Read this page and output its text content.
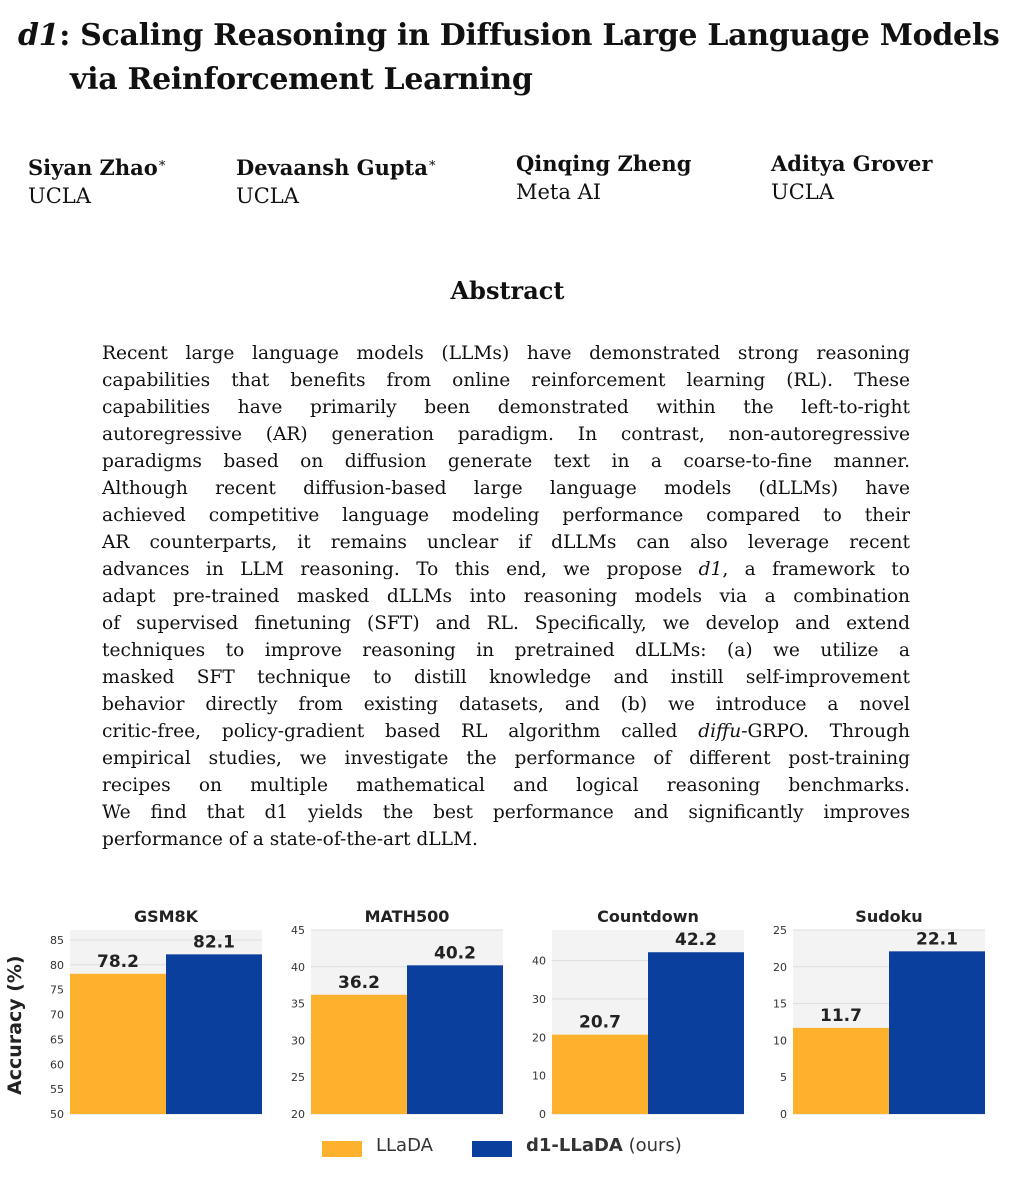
d1: Scaling Reasoning in Diffusion Large Language Models
via Reinforcement Learning
Siyan Zhao∗
UCLA
Devaansh Gupta∗
UCLA
Qinqing Zheng
Meta AI
Aditya Grover
UCLA
Abstract
Recent large language models (LLMs) have demonstrated strong reasoning
capabilities that benefits from online reinforcement learning (RL). These
capabilities have primarily been demonstrated within the left-to-right
autoregressive (AR) generation paradigm. In contrast, non-autoregressive
paradigms based on diffusion generate text in a coarse-to-fine manner.
Although recent diffusion-based large language models (dLLMs) have
achieved competitive language modeling performance compared to their
AR counterparts, it remains unclear if dLLMs can also leverage recent
advances in LLM reasoning. To this end, we propose d1, a framework to
adapt pre-trained masked dLLMs into reasoning models via a combination
of supervised finetuning (SFT) and RL. Specifically, we develop and extend
techniques to improve reasoning in pretrained dLLMs: (a) we utilize a
masked SFT technique to distill knowledge and instill self-improvement
behavior directly from existing datasets, and (b) we introduce a novel
critic-free, policy-gradient based RL algorithm called diffu-GRPO. Through
empirical studies, we investigate the performance of different post-training
recipes on multiple mathematical and logical reasoning benchmarks.
We find that d1 yields the best performance and significantly improves
performance of a state-of-the-art dLLM.
50
55
60
65
70
75
80
85
GSM8K
78.2
82.1
20
25
30
35
40
45
MATH500
36.2
40.2
0
10
20
30
40
Countdown
20.7
42.2
0
5
10
15
20
25
Sudoku
11.7
22.1
Accuracy (%)
LLaDA	d1-LLaDA (ours)
